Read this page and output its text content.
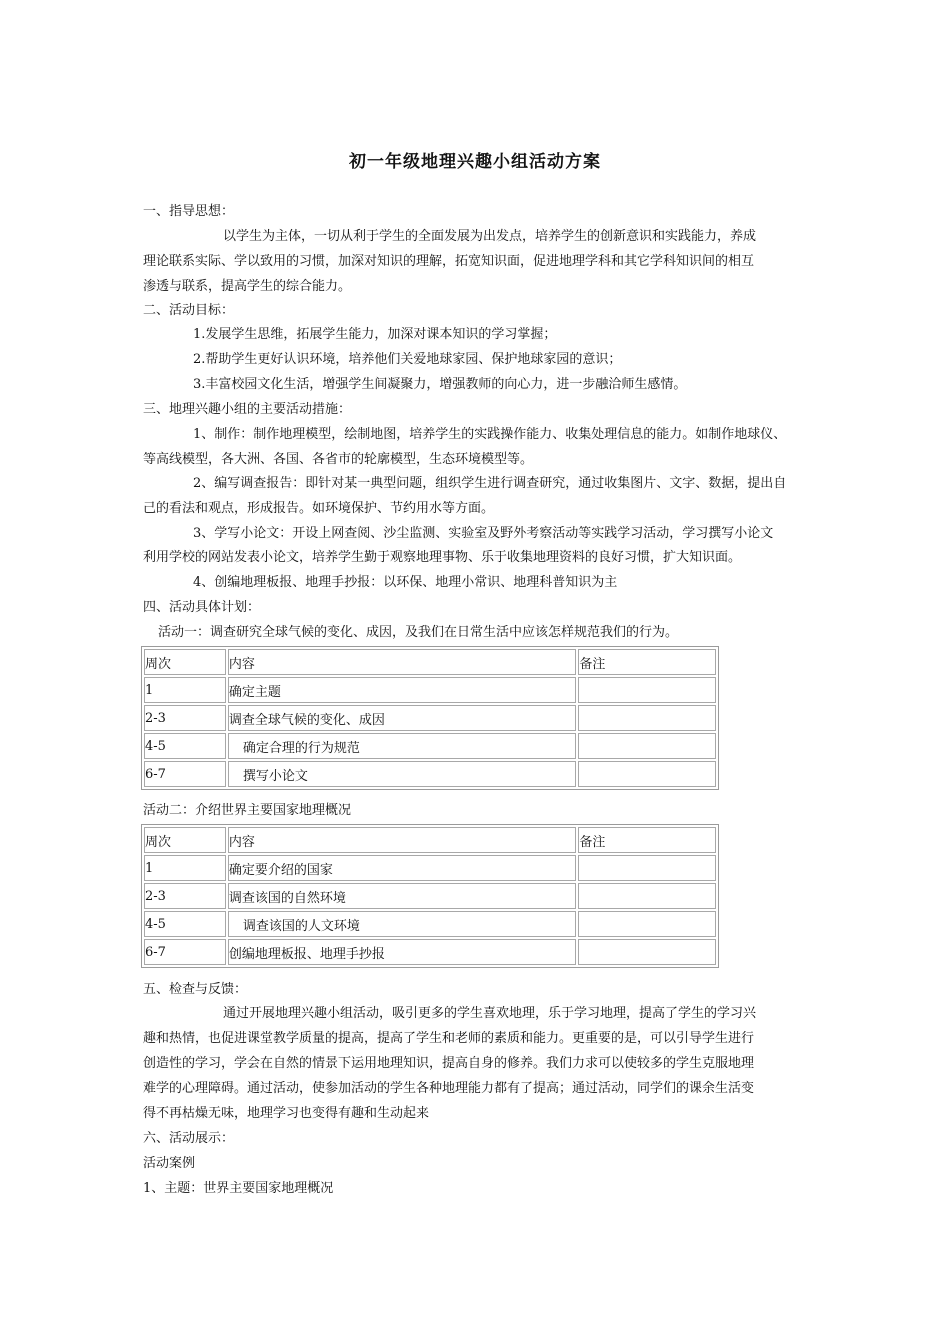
初一年级地理兴趣小组活动方案
一、指导思想：
以学生为主体，一切从利于学生的全面发展为出发点，培养学生的创新意识和实践能力，养成
理论联系实际、学以致用的习惯，加深对知识的理解，拓宽知识面，促进地理学科和其它学科知识间的相互
渗透与联系，提高学生的综合能力。
二、活动目标：
1.发展学生思维，拓展学生能力，加深对课本知识的学习掌握；
2.帮助学生更好认识环境，培养他们关爱地球家园、保护地球家园的意识；
3.丰富校园文化生活，增强学生间凝聚力，增强教师的向心力，进一步融洽师生感情。
三、地理兴趣小组的主要活动措施：
1、制作：制作地理模型，绘制地图，培养学生的实践操作能力、收集处理信息的能力。如制作地球仪、
等高线模型，各大洲、各国、各省市的轮廓模型，生态环境模型等。
2、编写调查报告：即针对某一典型问题，组织学生进行调查研究，通过收集图片、文字、数据，提出自
己的看法和观点，形成报告。如环境保护、节约用水等方面。
3、学写小论文：开设上网查阅、沙尘监测、实验室及野外考察活动等实践学习活动，学习撰写小论文
利用学校的网站发表小论文，培养学生勤于观察地理事物、乐于收集地理资料的良好习惯，扩大知识面。
4、创编地理板报、地理手抄报：以环保、地理小常识、地理科普知识为主
四、活动具体计划：
活动一：调查研究全球气候的变化、成因，及我们在日常生活中应该怎样规范我们的行为。
周次	内容	备注
1	确定主题	
2-3	调查全球气候的变化、成因	
4-5	确定合理的行为规范	
6-7	撰写小论文	
活动二：介绍世界主要国家地理概况
周次	内容	备注
1	确定要介绍的国家	
2-3	调查该国的自然环境	
4-5	调查该国的人文环境	
6-7	创编地理板报、地理手抄报	
五、检查与反馈：
通过开展地理兴趣小组活动，吸引更多的学生喜欢地理，乐于学习地理，提高了学生的学习兴
趣和热情，也促进课堂教学质量的提高，提高了学生和老师的素质和能力。更重要的是，可以引导学生进行
创造性的学习，学会在自然的情景下运用地理知识，提高自身的修养。我们力求可以使较多的学生克服地理
难学的心理障碍。通过活动，使参加活动的学生各种地理能力都有了提高；通过活动，同学们的课余生活变
得不再枯燥无味，地理学习也变得有趣和生动起来
六、活动展示：
活动案例
1、主题：世界主要国家地理概况
